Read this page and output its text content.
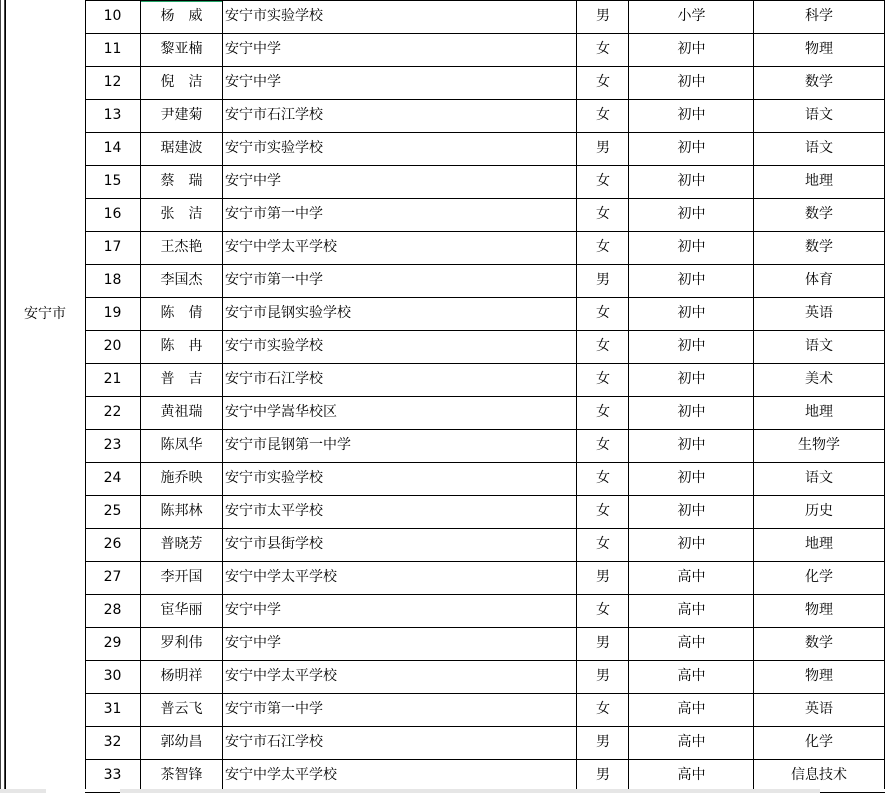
安宁市
10	杨　威	安宁市实验学校	男	小学	科学
11	黎亚楠	安宁中学	女	初中	物理
12	倪　洁	安宁中学	女	初中	数学
13	尹建菊	安宁市石江学校	女	初中	语文
14	琚建波	安宁市实验学校	男	初中	语文
15	蔡　瑞	安宁中学	女	初中	地理
16	张　洁	安宁市第一中学	女	初中	数学
17	王杰艳	安宁中学太平学校	女	初中	数学
18	李国杰	安宁市第一中学	男	初中	体育
19	陈　倩	安宁市昆钢实验学校	女	初中	英语
20	陈　冉	安宁市实验学校	女	初中	语文
21	普　吉	安宁市石江学校	女	初中	美术
22	黄祖瑞	安宁中学嵩华校区	女	初中	地理
23	陈凤华	安宁市昆钢第一中学	女	初中	生物学
24	施乔映	安宁市实验学校	女	初中	语文
25	陈邦林	安宁市太平学校	女	初中	历史
26	普晓芳	安宁市县街学校	女	初中	地理
27	李开国	安宁中学太平学校	男	高中	化学
28	宦华丽	安宁中学	女	高中	物理
29	罗利伟	安宁中学	男	高中	数学
30	杨明祥	安宁中学太平学校	男	高中	物理
31	普云飞	安宁市第一中学	女	高中	英语
32	郭幼昌	安宁市石江学校	男	高中	化学
33	茶智锋	安宁中学太平学校	男	高中	信息技术
